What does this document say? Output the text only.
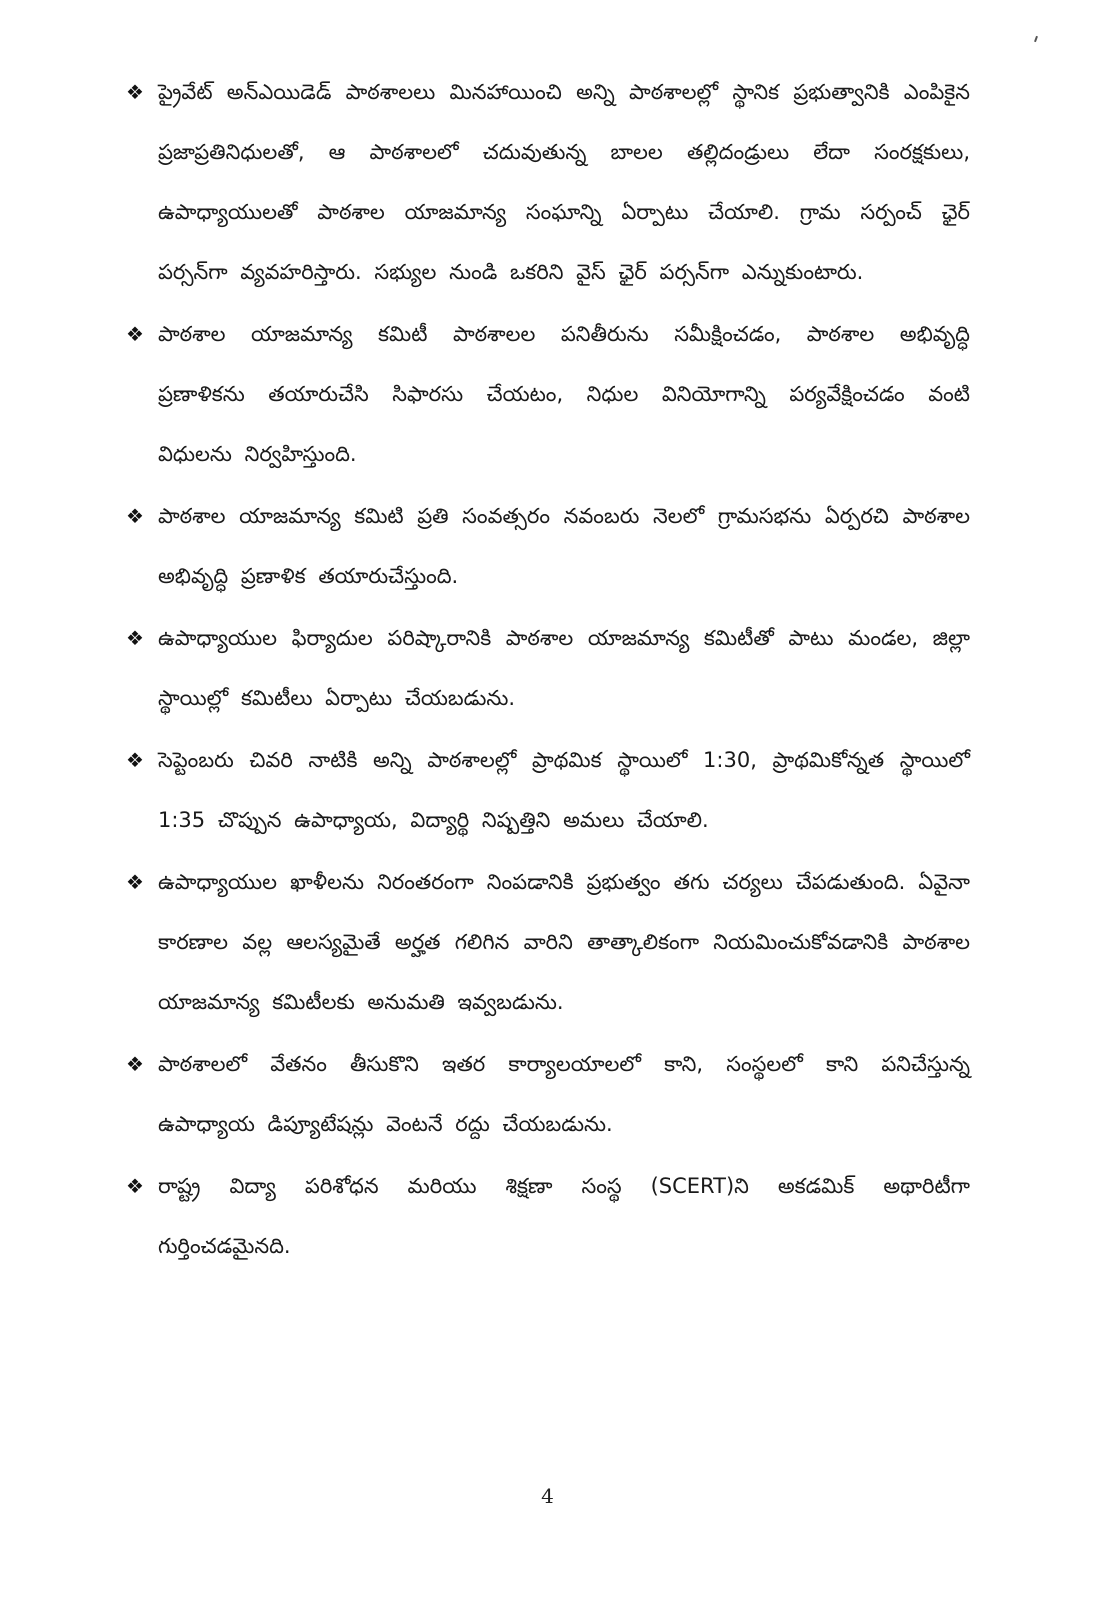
❖ ప్రైవేట్ అన్‌ఎయిడెడ్ పాఠశాలలు మినహాయించి అన్ని పాఠశాలల్లో స్థానిక ప్రభుత్వానికి ఎంపికైన ప్రజాప్రతినిధులతో, ఆ పాఠశాలలో చదువుతున్న బాలల తల్లిదండ్రులు లేదా సంరక్షకులు, ఉపాధ్యాయులతో పాఠశాల యాజమాన్య సంఘాన్ని ఏర్పాటు చేయాలి. గ్రామ సర్పంచ్ ఛైర్ పర్సన్‌గా వ్యవహరిస్తారు. సభ్యుల నుండి ఒకరిని వైస్ ఛైర్ పర్సన్‌గా ఎన్నుకుంటారు.
❖ పాఠశాల యాజమాన్య కమిటీ పాఠశాలల పనితీరును సమీక్షించడం, పాఠశాల అభివృద్ధి ప్రణాళికను తయారుచేసి సిఫారసు చేయటం, నిధుల వినియోగాన్ని పర్యవేక్షించడం వంటి విధులను నిర్వహిస్తుంది.
❖ పాఠశాల యాజమాన్య కమిటి ప్రతి సంవత్సరం నవంబరు నెలలో గ్రామసభను ఏర్పరచి పాఠశాల అభివృద్ధి ప్రణాళిక తయారుచేస్తుంది.
❖ ఉపాధ్యాయుల ఫిర్యాదుల పరిష్కారానికి పాఠశాల యాజమాన్య కమిటీతో పాటు మండల, జిల్లా స్థాయిల్లో కమిటీలు ఏర్పాటు చేయబడును.
❖ సెప్టెంబరు చివరి నాటికి అన్ని పాఠశాలల్లో ప్రాథమిక స్థాయిలో 1:30, ప్రాథమికోన్నత స్థాయిలో 1:35 చొప్పున ఉపాధ్యాయ, విద్యార్థి నిష్పత్తిని అమలు చేయాలి.
❖ ఉపాధ్యాయుల ఖాళీలను నిరంతరంగా నింపడానికి ప్రభుత్వం తగు చర్యలు చేపడుతుంది. ఏవైనా కారణాల వల్ల ఆలస్యమైతే అర్హత గలిగిన వారిని తాత్కాలికంగా నియమించుకోవడానికి పాఠశాల యాజమాన్య కమిటీలకు అనుమతి ఇవ్వబడును.
❖ పాఠశాలలో వేతనం తీసుకొని ఇతర కార్యాలయాలలో కాని, సంస్థలలో కాని పనిచేస్తున్న ఉపాధ్యాయ డిప్యూటేషన్లు వెంటనే రద్దు చేయబడును.
❖ రాష్ట్ర విద్యా పరిశోధన మరియు శిక్షణా సంస్థ (SCERT)ని అకడమిక్ అథారిటీగా గుర్తించడమైనది.
4
